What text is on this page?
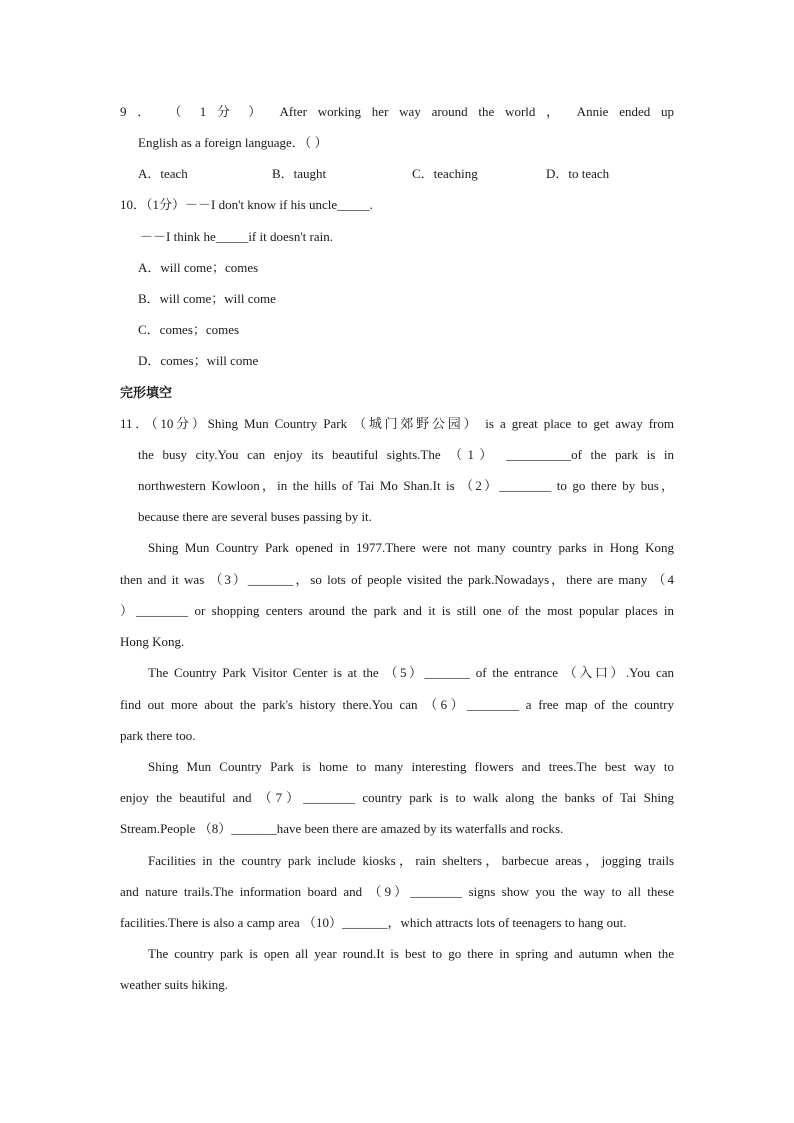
9 ． （ 1 分 ） After working her way around the world ， Annie ended up
English as a foreign language．（ ）
A．teach	B．taught	C．teaching	D．to teach
10．（1分）－－I don't know if his uncle_____.
－－I think he_____if it doesn't rain.
A．will come；comes
B．will come；will come
C．comes；comes
D．comes；will come
完形填空
11．（10分）Shing Mun Country Park （城门郊野公园） is a great place to get away from
the busy city.You can enjoy its beautiful sights.The （1） __________of the park is in
northwestern Kowloon，in the hills of Tai Mo Shan.It is （2）________ to go there by bus，
because there are several buses passing by it.
Shing Mun Country Park opened in 1977.There were not many country parks in Hong Kong
then and it was （3）_______，so lots of people visited the park.Nowadays，there are many （4
）________ or shopping centers around the park and it is still one of the most popular places in
Hong Kong.
The Country Park Visitor Center is at the （5）_______ of the entrance （入口）.You can
find out more about the park's history there.You can （6）________ a free map of the country
park there too.
Shing Mun Country Park is home to many interesting flowers and trees.The best way to
enjoy the beautiful and （7）________ country park is to walk along the banks of Tai Shing
Stream.People （8）_______have been there are amazed by its waterfalls and rocks.
Facilities in the country park include kiosks，rain shelters，barbecue areas，jogging trails
and nature trails.The information board and （9）________ signs show you the way to all these
facilities.There is also a camp area （10）_______，which attracts lots of teenagers to hang out.
The country park is open all year round.It is best to go there in spring and autumn when the
weather suits hiking.
